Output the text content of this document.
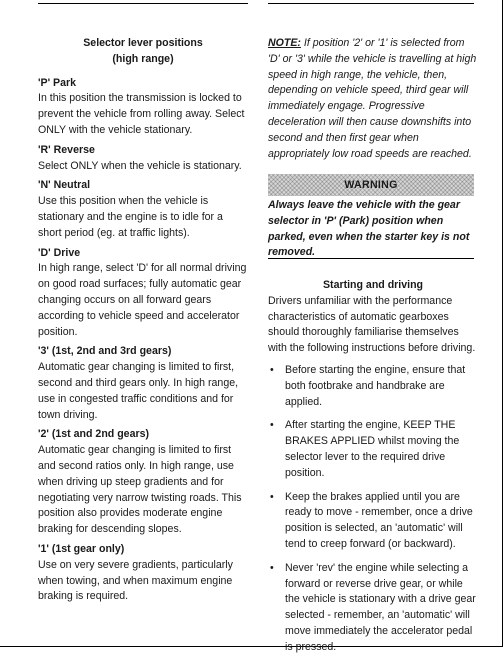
Selector lever positions
(high range)

'P' Park

In this position the transmission is locked to prevent the vehicle from rolling away. Select ONLY with the vehicle stationary.

'R' Reverse

Select ONLY when the vehicle is stationary.

'N' Neutral

Use this position when the vehicle is stationary and the engine is to idle for a short period (eg. at traffic lights).

'D' Drive

In high range, select 'D' for all normal driving on good road surfaces; fully automatic gear changing occurs on all forward gears according to vehicle speed and accelerator position.

'3' (1st, 2nd and 3rd gears)

Automatic gear changing is limited to first, second and third gears only. In high range, use in congested traffic conditions and for town driving.

'2' (1st and 2nd gears)

Automatic gear changing is limited to first and second ratios only. In high range, use when driving up steep gradients and for negotiating very narrow twisting roads. This position also provides moderate engine braking for descending slopes.

'1' (1st gear only)

Use on very severe gradients, particularly when towing, and when maximum engine braking is required.

NOTE: If position '2' or '1' is selected from 'D' or '3' while the vehicle is travelling at high speed in high range, the vehicle, then, depending on vehicle speed, third gear will immediately engage. Progressive deceleration will then cause downshifts into second and then first gear when appropriately low road speeds are reached.

WARNING

Always leave the vehicle with the gear selector in 'P' (Park) position when parked, even when the starter key is not removed.

Starting and driving

Drivers unfamiliar with the performance characteristics of automatic gearboxes should thoroughly familiarise themselves with the following instructions before driving.

• Before starting the engine, ensure that both footbrake and handbrake are applied.
• After starting the engine, KEEP THE BRAKES APPLIED whilst moving the selector lever to the required drive position.
• Keep the brakes applied until you are ready to move - remember, once a drive position is selected, an 'automatic' will tend to creep forward (or backward).
• Never 'rev' the engine while selecting a forward or reverse drive gear, or while the vehicle is stationary with a drive gear selected - remember, an 'automatic' will move immediately the accelerator pedal is pressed.
